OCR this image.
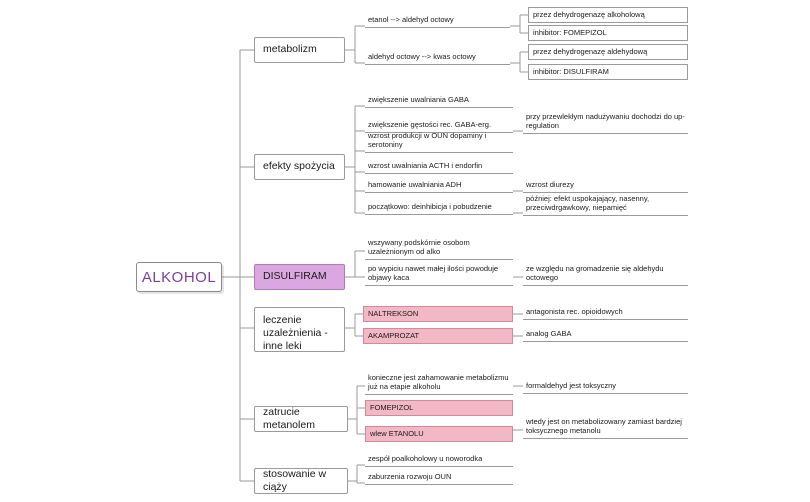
ALKOHOL
metabolizm
etanol --> aldehyd octowy
aldehyd octowy --> kwas octowy
przez dehydrogenazę alkoholową
inhibitor: FOMEPIZOL
przez dehydrogenazę aldehydową
inhibitor: DISULFIRAM
efekty spożycia
zwiększenie uwalniania GABA
zwiększenie gęstości rec. GABA-erg.
wzrost produkcji w OUN dopaminy i serotoniny
wzrost uwalniania ACTH i endorfin
hamowanie uwalniania ADH
początkowo: deinhibicja i pobudzenie
przy przewlekłym nadużywaniu dochodzi do up-regulation
wzrost diurezy
później: efekt uspokajający, nasenny, przeciwdrgawkowy, niepamięć
DISULFIRAM
wszywany podskórnie osobom uzależnionym od alko
po wypiciu nawet małej ilości powoduje objawy kaca
ze względu na gromadzenie się aldehydu octowego
leczenie uzależnienia - inne leki
NALTREKSON
AKAMPROZAT
antagonista rec. opioidowych
analog GABA
zatrucie metanolem
konieczne jest zahamowanie metabolizmu już na etapie alkoholu
FOMEPIZOL
wlew ETANOLU
formaldehyd jest toksyczny
wtedy jest on metabolizowany zamiast bardziej toksycznego metanolu
stosowanie w ciąży
zespół poalkoholowy u noworodka
zaburzenia rozwoju OUN
